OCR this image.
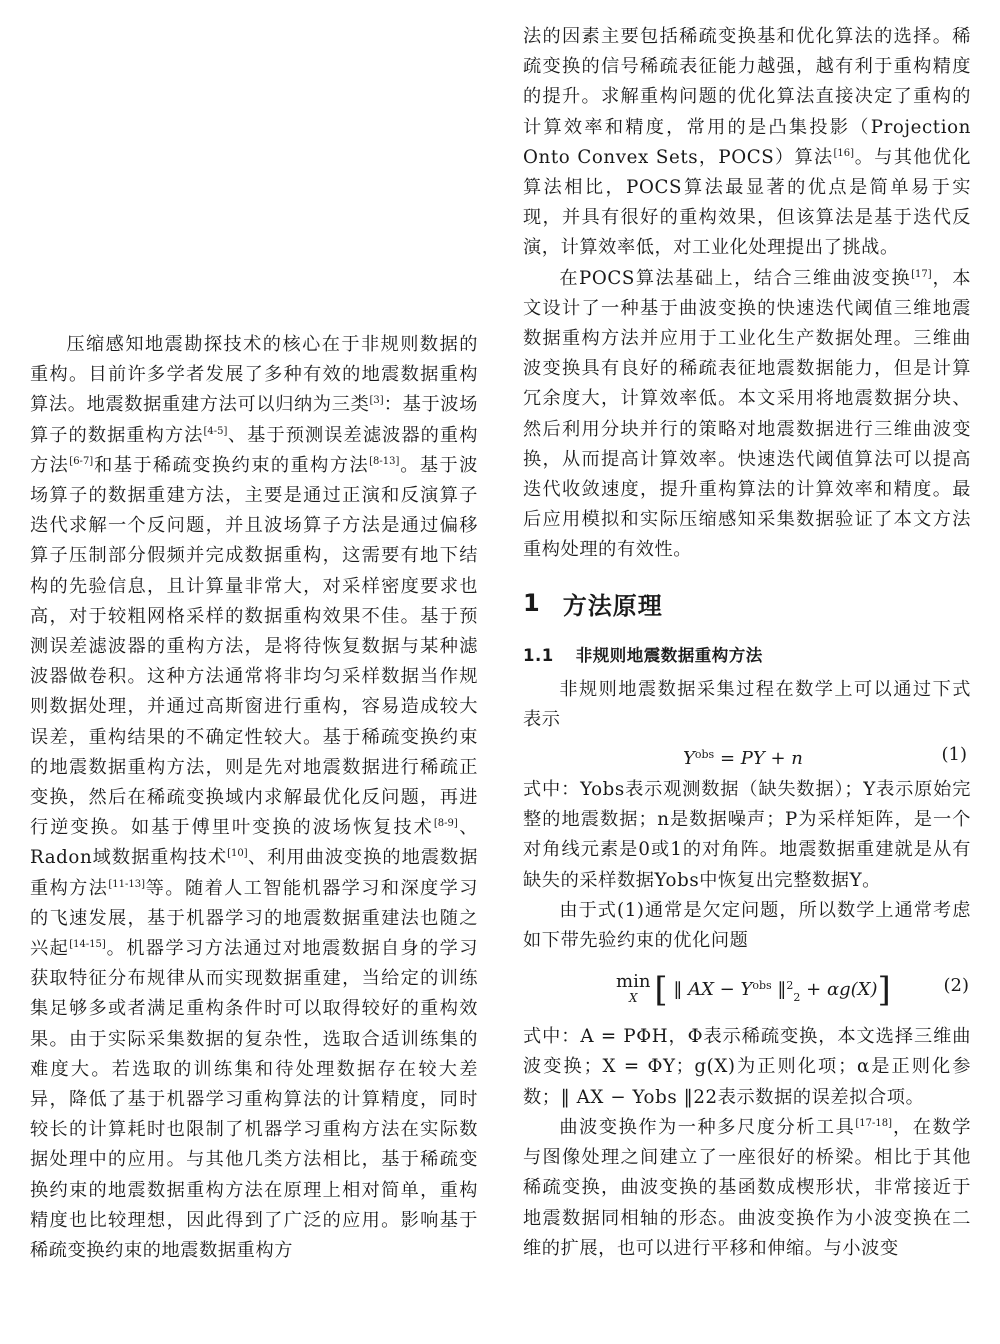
压缩感知地震勘探技术的核心在于非规则数据的重构。目前许多学者发展了多种有效的地震数据重构算法。地震数据重建方法可以归纳为三类[3]：基于波场算子的数据重构方法[4-5]、基于预测误差滤波器的重构方法[6-7]和基于稀疏变换约束的重构方法[8-13]。基于波场算子的数据重建方法，主要是通过正演和反演算子迭代求解一个反问题，并且波场算子方法是通过偏移算子压制部分假频并完成数据重构，这需要有地下结构的先验信息，且计算量非常大，对采样密度要求也高，对于较粗网格采样的数据重构效果不佳。基于预测误差滤波器的重构方法，是将待恢复数据与某种滤波器做卷积。这种方法通常将非均匀采样数据当作规则数据处理，并通过高斯窗进行重构，容易造成较大误差，重构结果的不确定性较大。基于稀疏变换约束的地震数据重构方法，则是先对地震数据进行稀疏正变换，然后在稀疏变换域内求解最优化反问题，再进行逆变换。如基于傅里叶变换的波场恢复技术[8-9]、Radon域数据重构技术[10]、利用曲波变换的地震数据重构方法[11-13]等。随着人工智能机器学习和深度学习的飞速发展，基于机器学习的地震数据重建法也随之兴起[14-15]。机器学习方法通过对地震数据自身的学习获取特征分布规律从而实现数据重建，当给定的训练集足够多或者满足重构条件时可以取得较好的重构效果。由于实际采集数据的复杂性，选取合适训练集的难度大。若选取的训练集和待处理数据存在较大差异，降低了基于机器学习重构算法的计算精度，同时较长的计算耗时也限制了机器学习重构方法在实际数据处理中的应用。与其他几类方法相比，基于稀疏变换约束的地震数据重构方法在原理上相对简单，重构精度也比较理想，因此得到了广泛的应用。影响基于稀疏变换约束的地震数据重构方

法的因素主要包括稀疏变换基和优化算法的选择。稀疏变换的信号稀疏表征能力越强，越有利于重构精度的提升。求解重构问题的优化算法直接决定了重构的计算效率和精度，常用的是凸集投影（Projection Onto Convex Sets，POCS）算法[16]。与其他优化算法相比，POCS算法最显著的优点是简单易于实现，并具有很好的重构效果，但该算法是基于迭代反演，计算效率低，对工业化处理提出了挑战。

在POCS算法基础上，结合三维曲波变换[17]，本文设计了一种基于曲波变换的快速迭代阈值三维地震数据重构方法并应用于工业化生产数据处理。三维曲波变换具有良好的稀疏表征地震数据能力，但是计算冗余度大，计算效率低。本文采用将地震数据分块、然后利用分块并行的策略对地震数据进行三维曲波变换，从而提高计算效率。快速迭代阈值算法可以提高迭代收敛速度，提升重构算法的计算效率和精度。最后应用模拟和实际压缩感知采集数据验证了本文方法重构处理的有效性。

1 方法原理
1.1 非规则地震数据重构方法

非规则地震数据采集过程在数学上可以通过下式表示

$Y^{obs}$ = PY + n	(1)

式中：Yobs表示观测数据（缺失数据）；Y表示原始完整的地震数据；n是数据噪声；P为采样矩阵，是一个对角线元素是0或1的对角阵。地震数据重建就是从有缺失的采样数据Yobs中恢复出完整数据Y。

由于式(1)通常是欠定问题，所以数学上通常考虑如下带先验约束的优化问题

min
X [ ‖ AX − $Y^{obs}$ ‖$^2_2$ + αg(X)]	(2)

式中：A = PΦH，Φ表示稀疏变换，本文选择三维曲波变换；X = ΦY；g(X)为正则化项；α是正则化参数；‖ AX − Yobs ‖22表示数据的误差拟合项。

曲波变换作为一种多尺度分析工具[17-18]，在数学与图像处理之间建立了一座很好的桥梁。相比于其他稀疏变换，曲波变换的基函数成楔形状，非常接近于地震数据同相轴的形态。曲波变换作为小波变换在二维的扩展，也可以进行平移和伸缩。与小波变
